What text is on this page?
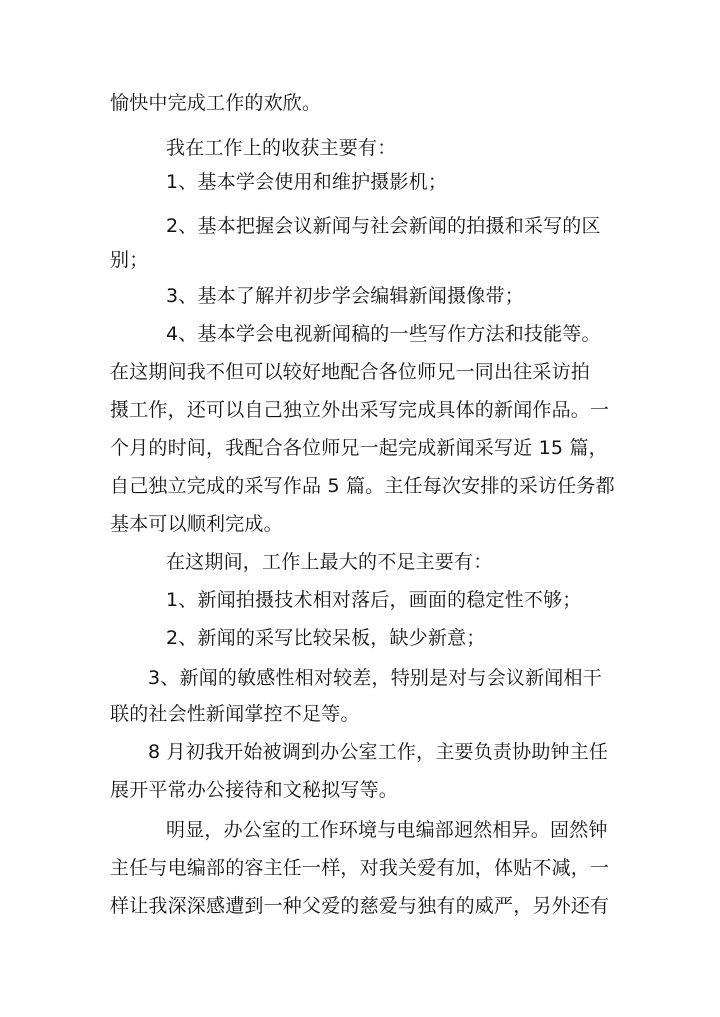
愉快中完成工作的欢欣。
我在工作上的收获主要有：
1、基本学会使用和维护摄影机；
2、基本把握会议新闻与社会新闻的拍摄和采写的区
别；
3、基本了解并初步学会编辑新闻摄像带；
4、基本学会电视新闻稿的一些写作方法和技能等。
在这期间我不但可以较好地配合各位师兄一同出往采访拍
摄工作，还可以自己独立外出采写完成具体的新闻作品。一
个月的时间，我配合各位师兄一起完成新闻采写近 15 篇，
自己独立完成的采写作品 5 篇。主任每次安排的采访任务都
基本可以顺利完成。
在这期间，工作上最大的不足主要有：
1、新闻拍摄技术相对落后，画面的稳定性不够；
2、新闻的采写比较呆板，缺少新意；
3、新闻的敏感性相对较差，特别是对与会议新闻相干
联的社会性新闻掌控不足等。
8 月初我开始被调到办公室工作，主要负责协助钟主任
展开平常办公接待和文秘拟写等。
明显，办公室的工作环境与电编部迥然相异。固然钟
主任与电编部的容主任一样，对我关爱有加，体贴不减，一
样让我深深感遭到一种父爱的慈爱与独有的威严，另外还有
